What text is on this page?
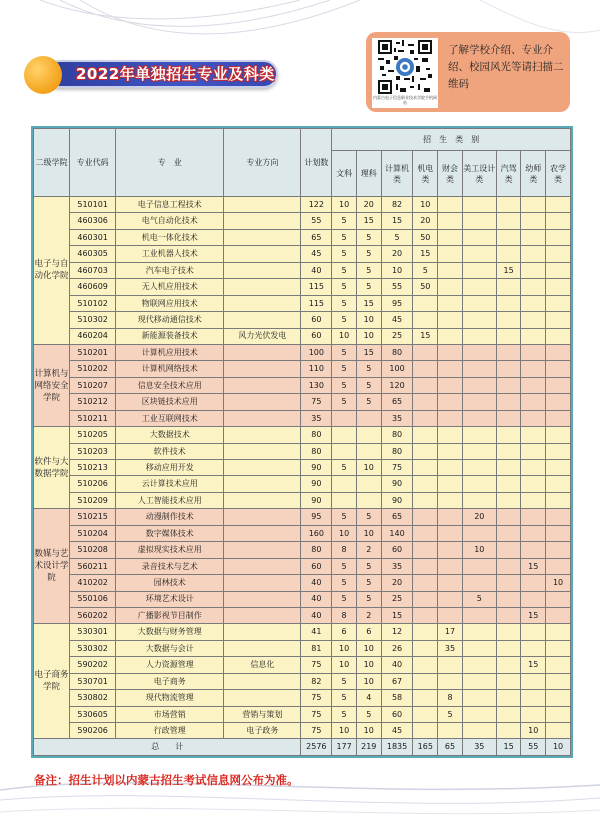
2022年单独招生专业及科类
内蒙古电子信息职业技术学院手机网站
了解学校介绍、专业介绍、校园风光等请扫描二维码
二级学院	专业代码	专　业	专业方向	计划数	招　生　类　别								
					文科	理科	计算机类	机电类	财会类	美工设计类	汽驾类	幼师类	农学类
电子与自动化学院	510101	电子信息工程技术		122	10	20	82	10					
	460306	电气自动化技术		55	5	15	15	20					
	460301	机电一体化技术		65	5	5	5	50					
	460305	工业机器人技术		45	5	5	20	15					
	460703	汽车电子技术		40	5	5	10	5			15		
	460609	无人机应用技术		115	5	5	55	50					
	510102	物联网应用技术		115	5	15	95						
	510302	现代移动通信技术		60	5	10	45						
	460204	新能源装备技术	风力光伏发电	60	10	10	25	15					
计算机与网络安全学院	510201	计算机应用技术		100	5	15	80						
	510202	计算机网络技术		110	5	5	100						
	510207	信息安全技术应用		130	5	5	120						
	510212	区块链技术应用		75	5	5	65						
	510211	工业互联网技术		35			35						
软件与大数据学院	510205	大数据技术		80			80						
	510203	软件技术		80			80						
	510213	移动应用开发		90	5	10	75						
	510206	云计算技术应用		90			90						
	510209	人工智能技术应用		90			90						
数媒与艺术设计学院	510215	动漫制作技术		95	5	5	65			20			
	510204	数字媒体技术		160	10	10	140						
	510208	虚拟现实技术应用		80	8	2	60			10			
	560211	录音技术与艺术		60	5	5	35					15	
	410202	园林技术		40	5	5	20						10
	550106	环境艺术设计		40	5	5	25			5			
	560202	广播影视节目制作		40	8	2	15					15	
电子商务学院	530301	大数据与财务管理		41	6	6	12		17				
	530302	大数据与会计		81	10	10	26		35				
	590202	人力资源管理	信息化	75	10	10	40					15	
	530701	电子商务		82	5	10	67						
	530802	现代物流管理		75	5	4	58		8				
	530605	市场营销	营销与策划	75	5	5	60		5				
	590206	行政管理	电子政务	75	10	10	45					10	
总　　计				2576	177	219	1835	165	65	35	15	55	10
备注：招生计划以内蒙古招生考试信息网公布为准。
